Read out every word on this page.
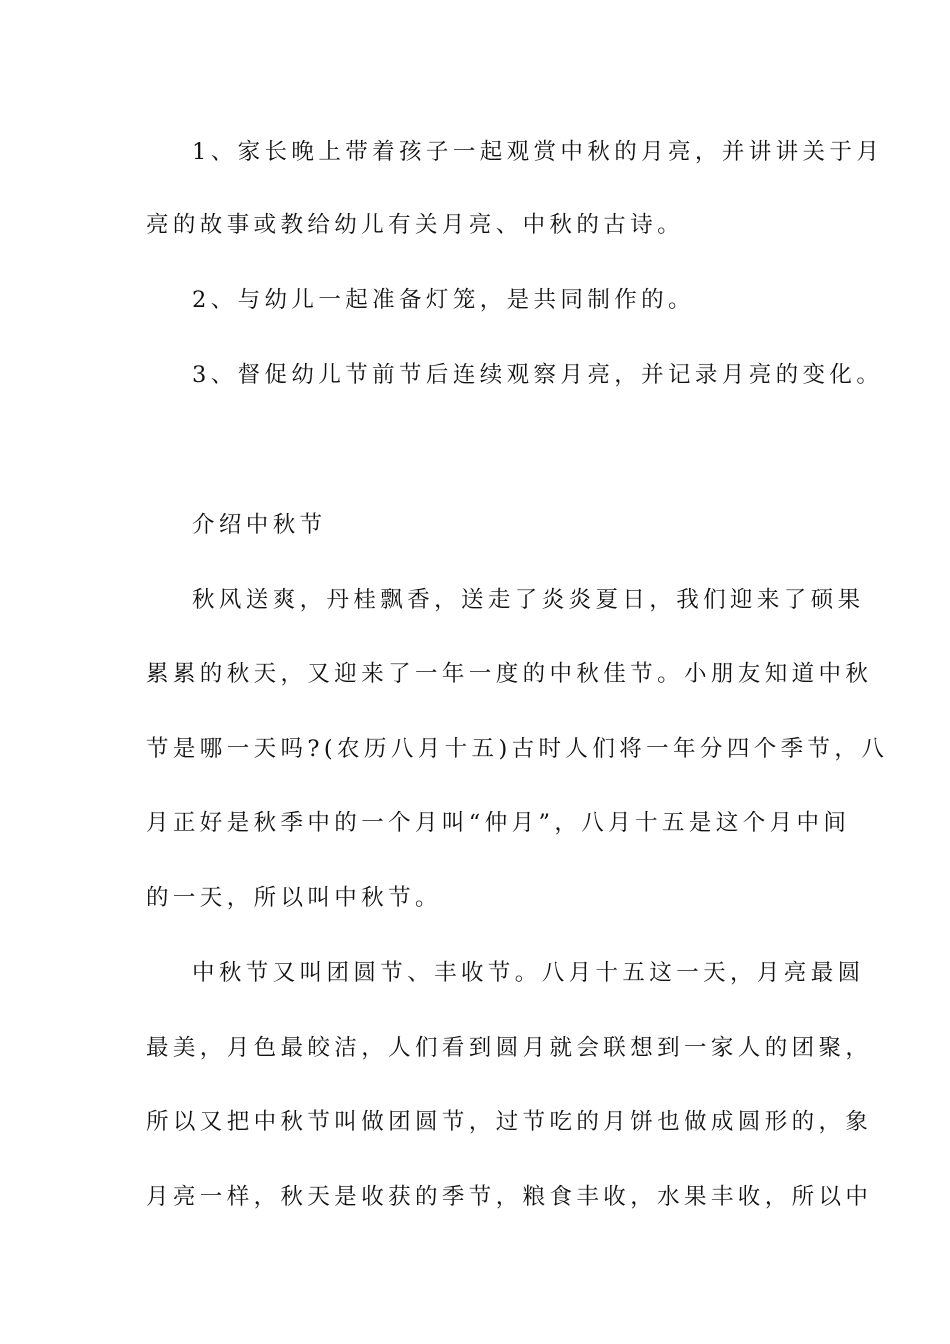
1、家长晚上带着孩子一起观赏中秋的月亮，并讲讲关于月
亮的故事或教给幼儿有关月亮、中秋的古诗。
2、与幼儿一起准备灯笼，是共同制作的。
3、督促幼儿节前节后连续观察月亮，并记录月亮的变化。
介绍中秋节
秋风送爽，丹桂飘香，送走了炎炎夏日，我们迎来了硕果
累累的秋天，又迎来了一年一度的中秋佳节。小朋友知道中秋
节是哪一天吗?(农历八月十五)古时人们将一年分四个季节，八
月正好是秋季中的一个月叫“仲月”，八月十五是这个月中间
的一天，所以叫中秋节。
中秋节又叫团圆节、丰收节。八月十五这一天，月亮最圆
最美，月色最皎洁，人们看到圆月就会联想到一家人的团聚，
所以又把中秋节叫做团圆节，过节吃的月饼也做成圆形的，象
月亮一样，秋天是收获的季节，粮食丰收，水果丰收，所以中
